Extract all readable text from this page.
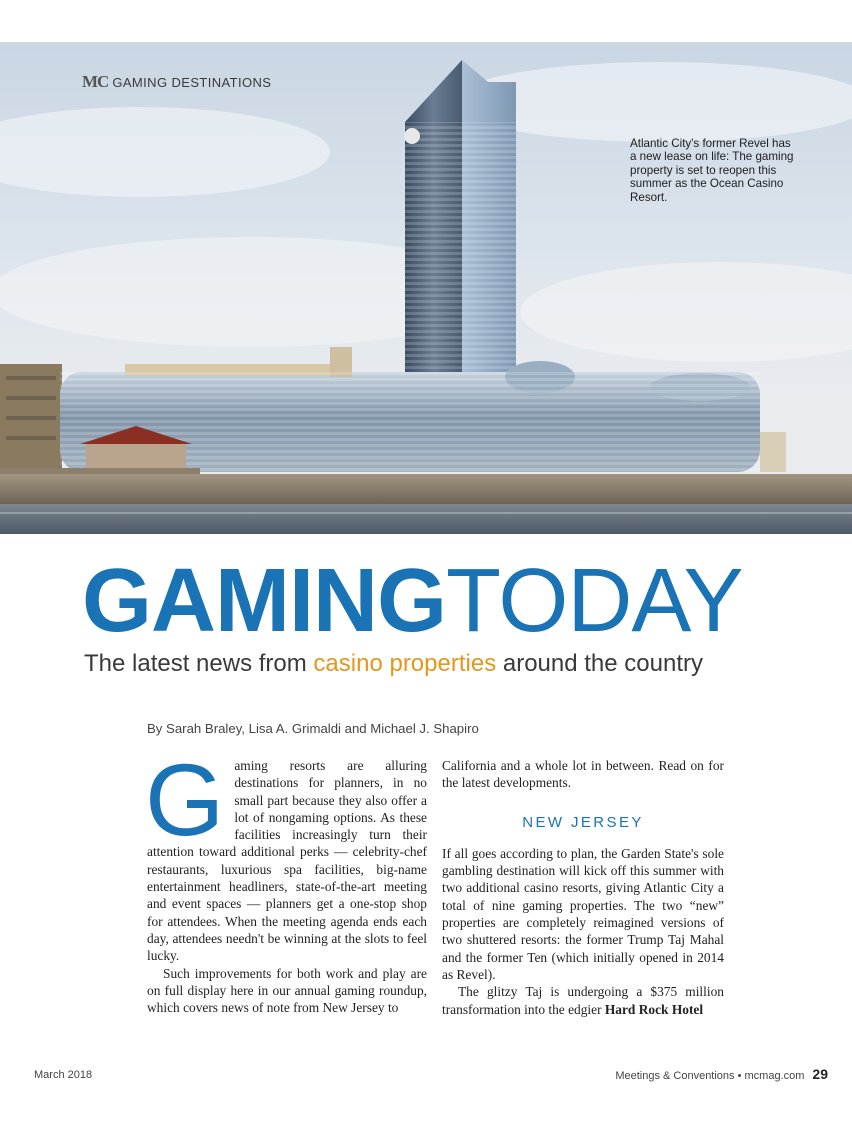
MC GAMING DESTINATIONS
Atlantic City's former Revel has a new lease on life: The gaming property is set to reopen this summer as the Ocean Casino Resort.
GAMINGTODAY
The latest news from casino properties around the country
By Sarah Braley, Lisa A. Grimaldi and Michael J. Shapiro

Gaming resorts are alluring destinations for planners, in no small part because they also offer a lot of nongaming options. As these facilities increasingly turn their attention toward additional perks — celebrity-chef restaurants, luxurious spa facilities, big-name entertainment headliners, state-of-the-art meeting and event spaces — planners get a one-stop shop for attendees. When the meeting agenda ends each day, attendees needn't be winning at the slots to feel lucky.

Such improvements for both work and play are on full display here in our annual gaming roundup, which covers news of note from New Jersey to

California and a whole lot in between. Read on for the latest developments.

NEW JERSEY

If all goes according to plan, the Garden State's sole gambling destination will kick off this summer with two additional casino resorts, giving Atlantic City a total of nine gaming properties. The two “new” properties are completely reimagined versions of two shuttered resorts: the former Trump Taj Mahal and the former Ten (which initially opened in 2014 as Revel).

The glitzy Taj is undergoing a $375 million transformation into the edgier Hard Rock Hotel

March 2018	Meetings & Conventions • mcmag.com 29
